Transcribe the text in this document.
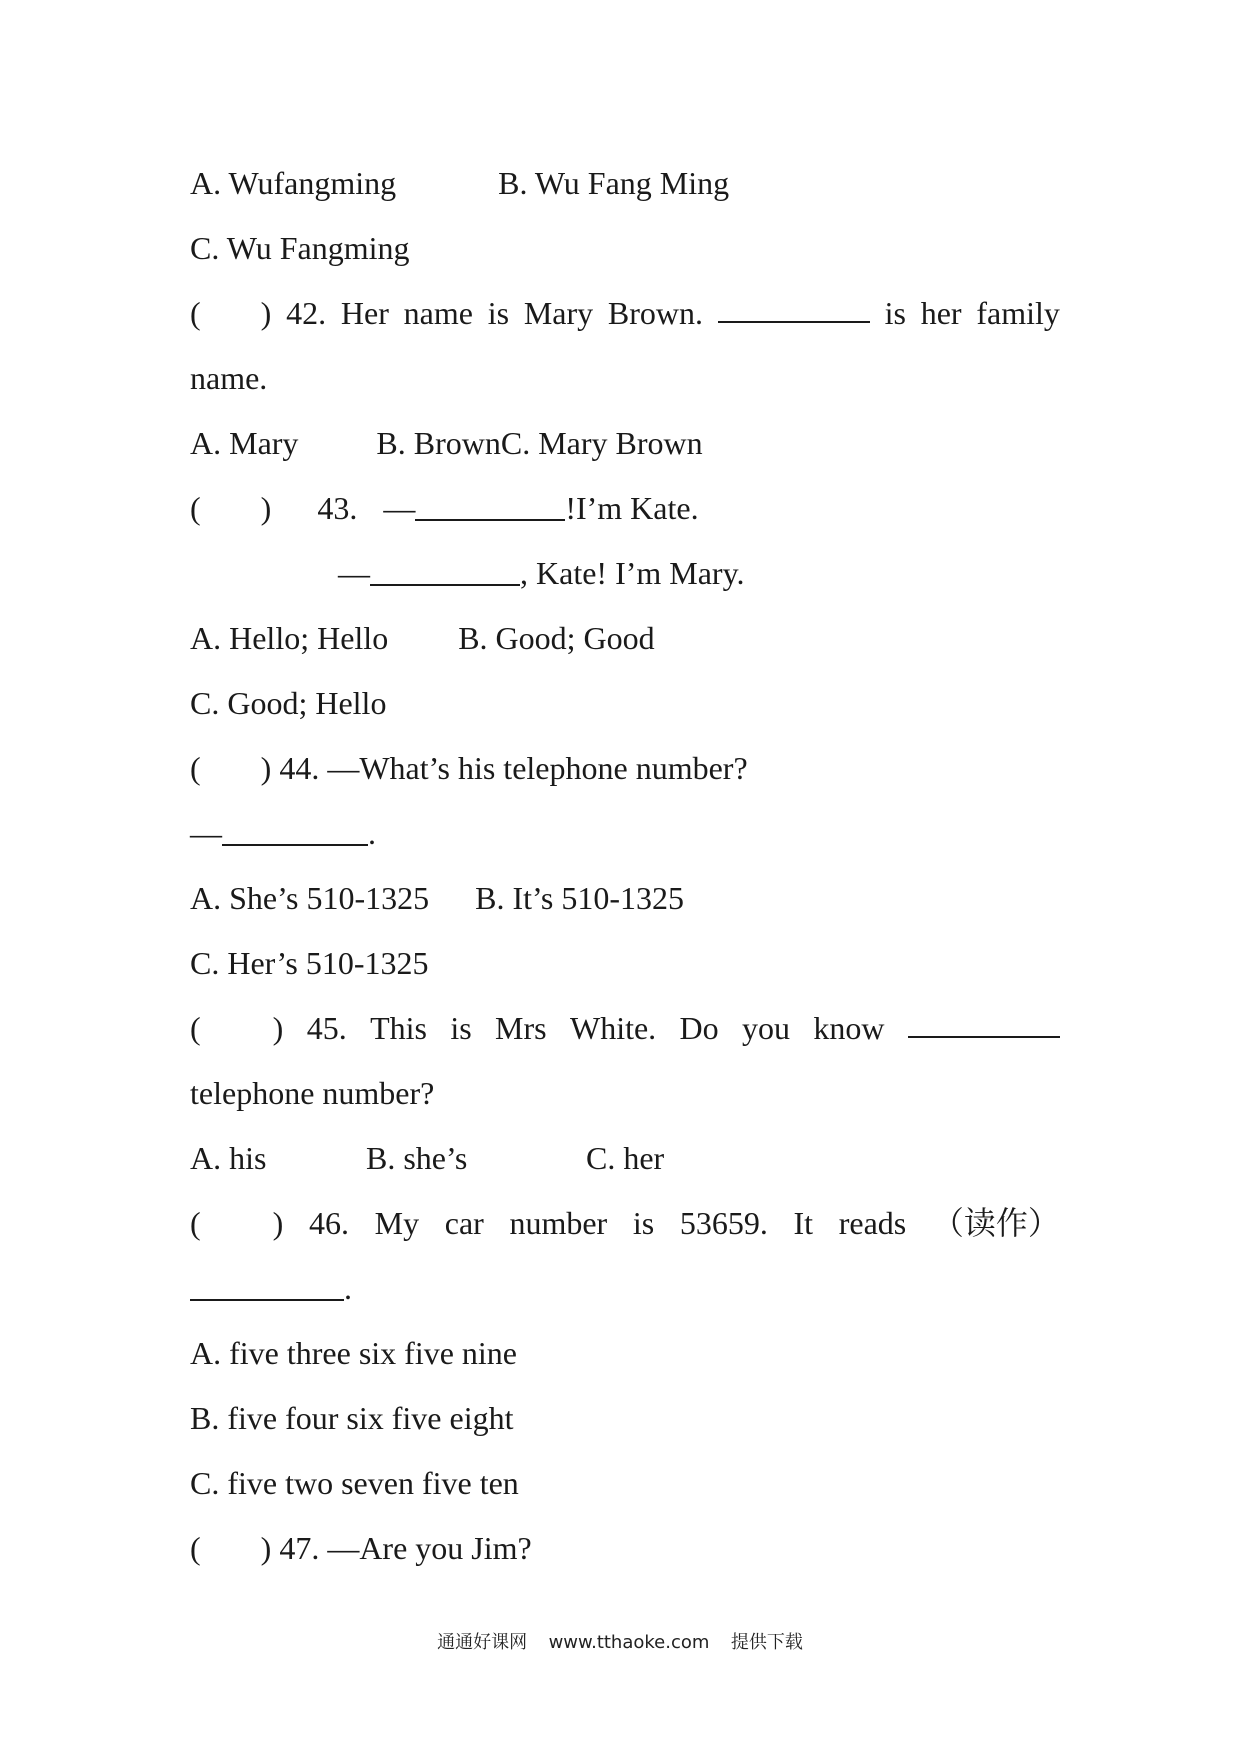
A. Wufangming	B. Wu Fang Ming
C. Wu Fangming
( ) 42. Her name is Mary Brown.	is her family
name.
A. Mary B. BrownC. Mary Brown
( ) 43. —	!I’m Kate.
—	, Kate! I’m Mary.
A. Hello; Hello B. Good; Good
C. Good; Hello
( ) 44. —What’s his telephone number?
—	.
A. She’s 510-1325 B. It’s 510-1325
C. Her’s 510-1325
( ) 45. This is Mrs White. Do you know
telephone number?
A. his	B. she’s	C. her
( ) 46. My car number is 53659. It reads （读作）
.
A. five three six five nine
B. five four six five eight
C. five two seven five ten
( ) 47. —Are you Jim?
通通好课网 www.tthaoke.com 提供下载
